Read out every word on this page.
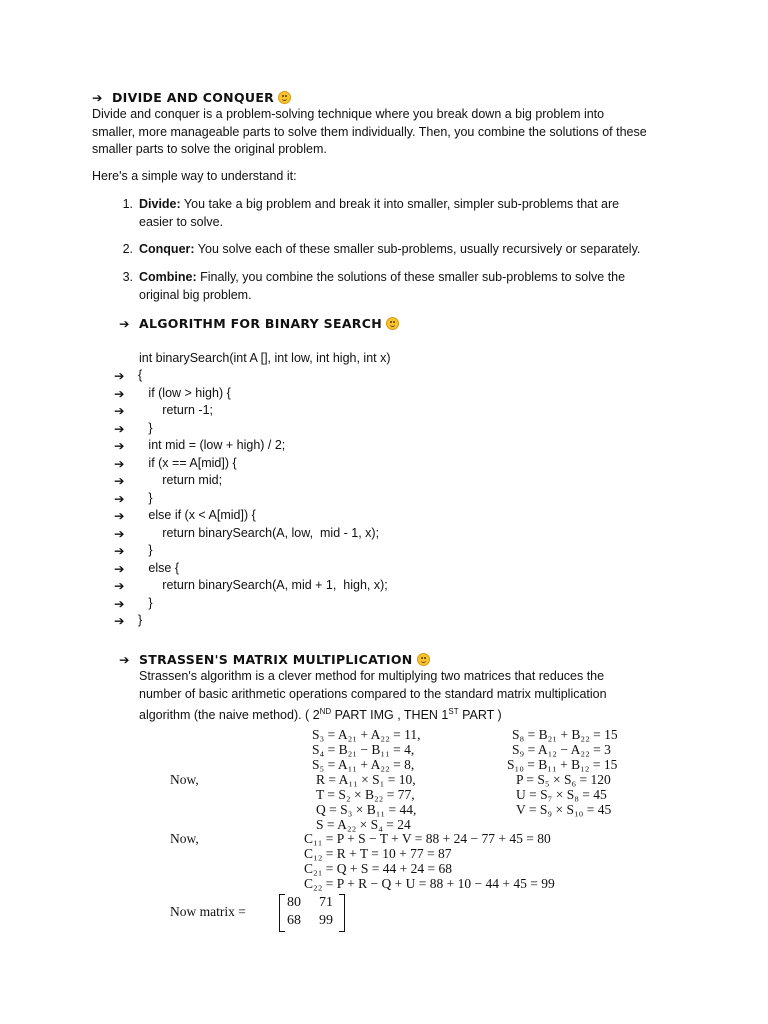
➔ DIVIDE AND CONQUER
Divide and conquer is a problem-solving technique where you break down a big problem into
smaller, more manageable parts to solve them individually. Then, you combine the solutions of these
smaller parts to solve the original problem.
Here's a simple way to understand it:
1. Divide: You take a big problem and break it into smaller, simpler sub-problems that are
easier to solve.
2. Conquer: You solve each of these smaller sub-problems, usually recursively or separately.
3. Combine: Finally, you combine the solutions of these smaller sub-problems to solve the
original big problem.
➔ ALGORITHM FOR BINARY SEARCH
int binarySearch(int A [], int low, int high, int x)
➔ {
➔ if (low > high) {
➔ return -1;
➔ }
➔ int mid = (low + high) / 2;
➔ if (x == A[mid]) {
➔ return mid;
➔ }
➔ else if (x < A[mid]) {
➔ return binarySearch(A, low,  mid - 1, x);
➔ }
➔ else {
➔ return binarySearch(A, mid + 1,  high, x);
➔ }
➔ }
➔ STRASSEN'S MATRIX MULTIPLICATION
Strassen's algorithm is a clever method for multiplying two matrices that reduces the
number of basic arithmetic operations compared to the standard matrix multiplication
algorithm (the naive method). ( 2ND PART IMG , THEN 1ST PART )
S₃ = A₂₁ + A₂₂ = 11,
S₄ = B₂₁ − B₁₁ = 4,
S₅ = A₁₁ + A₂₂ = 8,
Now,	R = A₁₁ × S₁ = 10,
T = S₂ × B₂₂ = 77,
Q = S₃ × B₁₁ = 44,
S = A₂₂ × S₄ = 24
S₈ = B₂₁ + B₂₂ = 15
S₉ = A₁₂ − A₂₂ = 3
S₁₀ = B₁₁ + B₁₂ = 15
P = S₅ × S₆ = 120
U = S₇ × S₈ = 45
V = S₉ × S₁₀ = 45
Now,	C₁₁ = P + S − T + V = 88 + 24 − 77 + 45 = 80
C₁₂ = R + T = 10 + 77 = 87
C₂₁ = Q + S = 44 + 24 = 68
C₂₂ = P + R − Q + U = 88 + 10 − 44 + 45 = 99
Now matrix =
80 71
68 99
